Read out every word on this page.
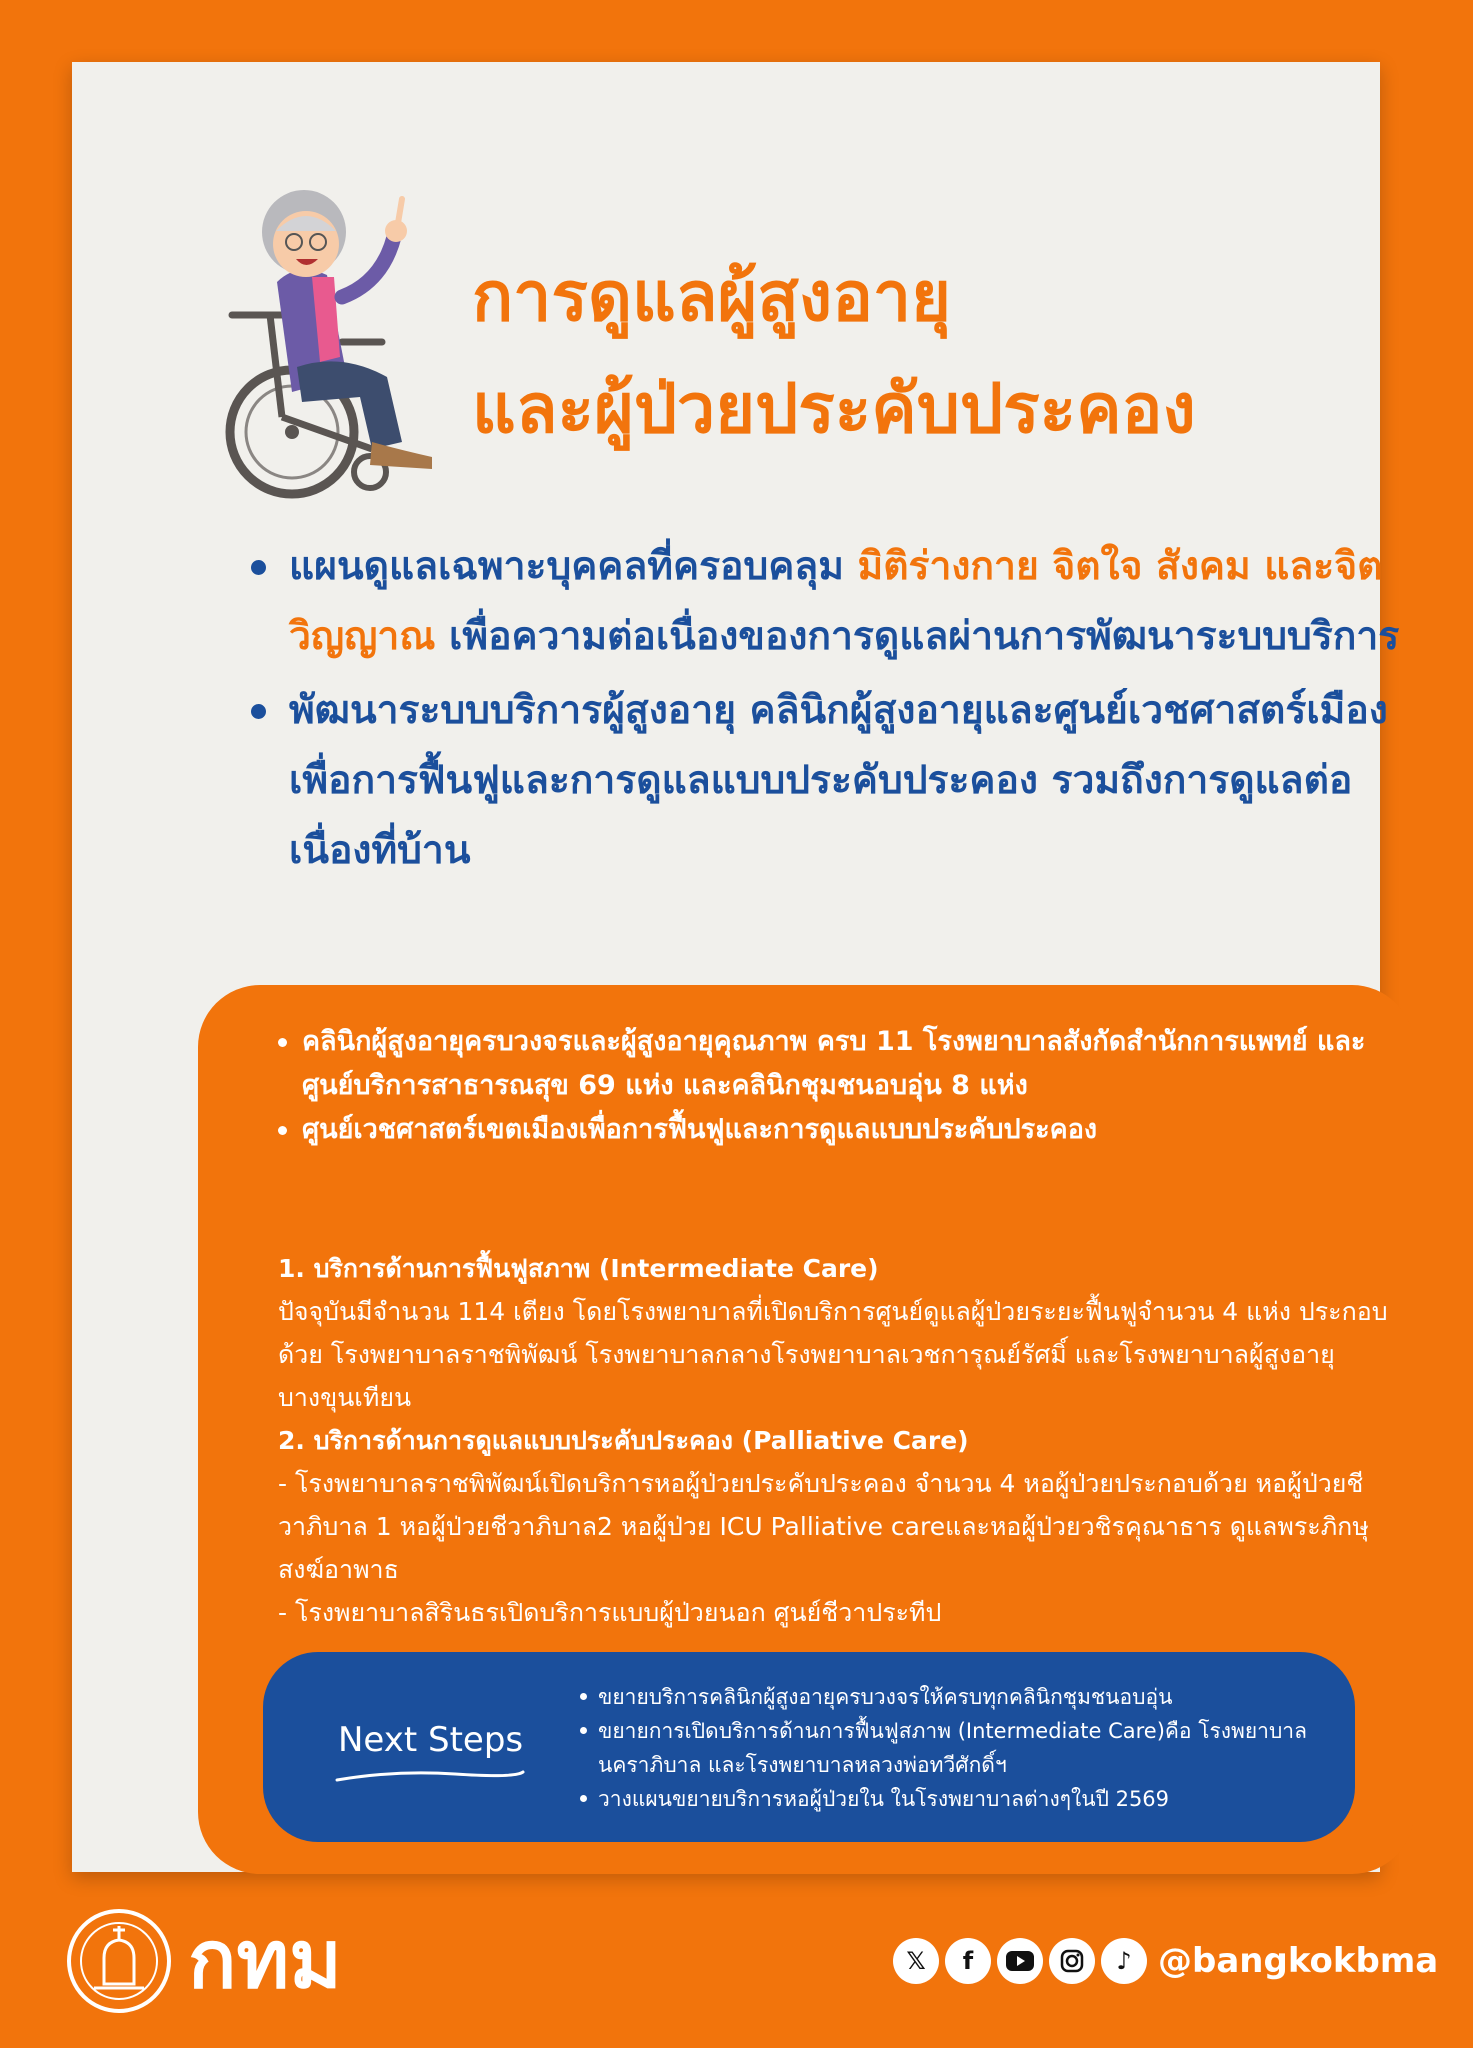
การดูแลผู้สูงอายุ
และผู้ป่วยประคับประคอง
แผนดูแลเฉพาะบุคคลที่ครอบคลุม มิติร่างกาย จิตใจ สังคม และจิตวิญญาณ เพื่อความต่อเนื่องของการดูแลผ่านการพัฒนาระบบบริการ
พัฒนาระบบบริการผู้สูงอายุ คลินิกผู้สูงอายุและศูนย์เวชศาสตร์เมืองเพื่อการฟื้นฟูและการดูแลแบบประคับประคอง รวมถึงการดูแลต่อเนื่องที่บ้าน
คลินิกผู้สูงอายุครบวงจรและผู้สูงอายุคุณภาพ ครบ 11 โรงพยาบาลสังกัดสำนักการแพทย์ และ ศูนย์บริการสาธารณสุข 69 แห่ง และคลินิกชุมชนอบอุ่น 8 แห่ง
ศูนย์เวชศาสตร์เขตเมืองเพื่อการฟื้นฟูและการดูแลแบบประคับประคอง
1. บริการด้านการฟื้นฟูสภาพ (Intermediate Care)
ปัจจุบันมีจำนวน 114 เตียง โดยโรงพยาบาลที่เปิดบริการศูนย์ดูแลผู้ป่วยระยะฟื้นฟูจำนวน 4 แห่ง ประกอบด้วย โรงพยาบาลราชพิพัฒน์ โรงพยาบาลกลางโรงพยาบาลเวชการุณย์รัศมิ์ และโรงพยาบาลผู้สูงอายุบางขุนเทียน
2. บริการด้านการดูแลแบบประคับประคอง (Palliative Care)
- โรงพยาบาลราชพิพัฒน์เปิดบริการหอผู้ป่วยประคับประคอง จำนวน 4 หอผู้ป่วยประกอบด้วย หอผู้ป่วยชีวาภิบาล 1 หอผู้ป่วยชีวาภิบาล2 หอผู้ป่วย ICU Palliative careและหอผู้ป่วยวชิรคุณาธาร ดูแลพระภิกษุสงฆ์อาพาธ
- โรงพยาบาลสิรินธรเปิดบริการแบบผู้ป่วยนอก ศูนย์ชีวาประทีป
Next Steps
ขยายบริการคลินิกผู้สูงอายุครบวงจรให้ครบทุกคลินิกชุมชนอบอุ่น
ขยายการเปิดบริการด้านการฟื้นฟูสภาพ (Intermediate Care)คือ โรงพยาบาลนคราภิบาล และโรงพยาบาลหลวงพ่อทวีศักดิ์ฯ
วางแผนขยายบริการหอผู้ป่วยใน ในโรงพยาบาลต่างๆในปี 2569
กทม	𝕏	f	♪ @bangkokbma
